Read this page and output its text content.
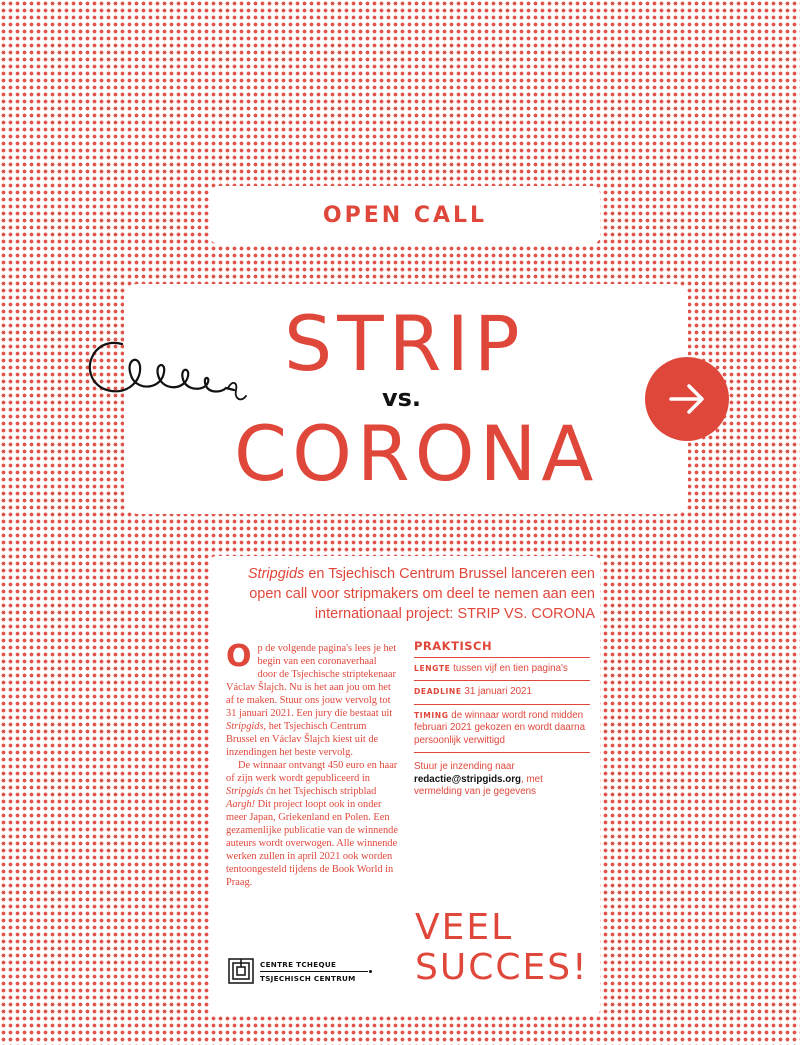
OPEN CALL
STRIP
vs.
CORONA
Stripgids en Tsjechisch Centrum Brussel lanceren een open call voor stripmakers om deel te nemen aan een internationaal project: STRIP VS. CORONA

Op de volgende pagina's lees je het begin van een coronaverhaal door de Tsjechische striptekenaar Václav Šlajch. Nu is het aan jou om het af te maken. Stuur ons jouw vervolg tot 31 januari 2021. Een jury die bestaat uit Stripgids, het Tsjechisch Centrum Brussel en Václav Šlajch kiest uit de inzendingen het beste vervolg.

De winnaar ontvangt 450 euro en haar of zijn werk wordt gepubliceerd in Stripgids ćn het Tsjechisch stripblad Aargh! Dit project loopt ook in onder meer Japan, Griekenland en Polen. Een gezamenlijke publicatie van de winnende auteurs wordt overwogen. Alle winnende werken zullen in april 2021 ook worden tentoongesteld tijdens de Book World in Praag.

PRAKTISCH
LENGTE tussen vijf en tien pagina's
DEADLINE 31 januari 2021
TIMING de winnaar wordt rond midden februari 2021 gekozen en wordt daarna persoonlijk verwittigd
Stuur je inzending naar
redactie@stripgids.org, met vermelding van je gegevens
VEEL
SUCCES!
CENTRE TCHEQUE
TSJECHISCH CENTRUM
